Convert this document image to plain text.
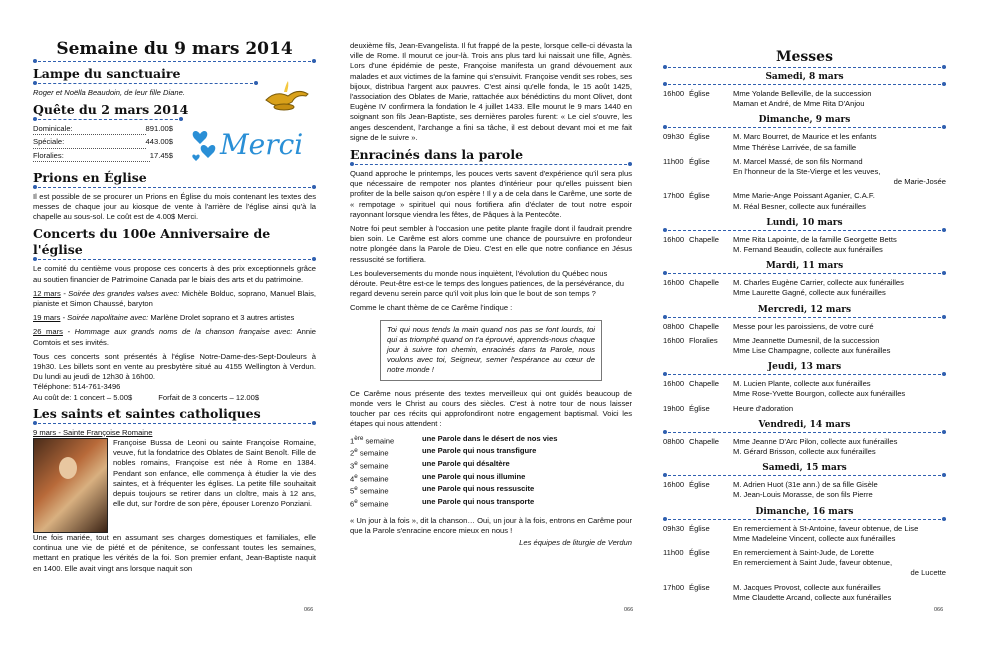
Semaine du 9 mars 2014
Lampe du sanctuaire

Roger et Noëlla Beaudoin, de leur fille Diane.

Quête du 2 mars 2014
Dominicale:	891.00$
Spéciale:	443.00$
Floralies:	17.45$
Prions en Église

Il est possible de se procurer un Prions en Église du mois contenant les textes des messes de chaque jour au kiosque de vente à l'arrière de l'église ainsi qu'à la chapelle au sous-sol. Le coût est de 4.00$ Merci.

Concerts du 100e Anniversaire de l'église

Le comité du centième vous propose ces concerts à des prix exceptionnels grâce au soutien financier de Patrimoine Canada par le biais des arts et du patrimoine.

12 mars - Soirée des grandes valses avec: Michèle Bolduc, soprano, Manuel Blais, pianiste et Simon Chaussé, baryton

19 mars - Soirée napolitaine avec: Marlène Drolet soprano et 3 autres artistes

26 mars - Hommage aux grands noms de la chanson française avec: Annie Comtois et ses invités.

Tous ces concerts sont présentés à l'église Notre-Dame-des-Sept-Douleurs à 19h30. Les billets sont en vente au presbytère situé au 4155 Wellington à Verdun. Du lundi au jeudi de 12h30 à 16h00.

Téléphone: 514-761-3496
Au coût de: 1 concert – 5.00$	Forfait de 3 concerts – 12.00$
Les saints et saintes catholiques
9 mars - Sainte Françoise Romaine

Françoise Bussa de Leoni ou sainte Françoise Romaine, veuve, fut la fondatrice des Oblates de Saint Benoît. Fille de nobles romains, Françoise est née à Rome en 1384. Pendant son enfance, elle commença à étudier la vie des saintes, et à fréquenter les églises. La petite fille souhaitait depuis toujours se retirer dans un cloître, mais à 12 ans, elle dut, sur l'ordre de son père, épouser Lorenzo Ponziani.

Une fois mariée, tout en assumant ses charges domestiques et familiales, elle continua une vie de piété et de pénitence, se confessant toutes les semaines, mettant en pratique les vérités de la foi. Son premier enfant, Jean-Baptiste naquit en 1400. Elle avait vingt ans lorsque naquit son

066
Merci

deuxième fils, Jean-Evangelista. Il fut frappé de la peste, lorsque celle-ci dévasta la ville de Rome. Il mourut ce jour-là. Trois ans plus tard lui naissait une fille, Agnès. Lors d'une épidémie de peste, Françoise manifesta un grand dévouement aux malades et aux victimes de la famine qui s'ensuivit. Françoise vendit ses robes, ses bijoux, distribua l'argent aux pauvres. C'est ainsi qu'elle fonda, le 15 août 1425, l'association des Oblates de Marie, rattachée aux bénédictins du mont Olivet, dont Eugène IV confirmera la fondation le 4 juillet 1433. Elle mourut le 9 mars 1440 en soignant son fils Jean-Baptiste, ses dernières paroles furent: « Le ciel s'ouvre, les anges descendent, l'archange a fini sa tâche, il est debout devant moi et me fait signe de le suivre ».

Enracinés dans la parole

Quand approche le printemps, les pouces verts savent d'expérience qu'il sera plus que nécessaire de rempoter nos plantes d'intérieur pour qu'elles puissent bien profiter de la belle saison qu'on espère ! Il y a de cela dans le Carême, une sorte de « rempotage » spirituel qui nous fortifiera afin d'éclater de tout notre espoir rayonnant lorsque viendra les fêtes, de Pâques à la Pentecôte.

Notre foi peut sembler à l'occasion une petite plante fragile dont il faudrait prendre bien soin. Le Carême est alors comme une chance de poursuivre en profondeur notre plongée dans la Parole de Dieu. C'est en elle que notre confiance en Jésus ressuscité se fortifiera.

Les bouleversements du monde nous inquiètent, l'évolution du Québec nous déroute. Peut-être est-ce le temps des longues patiences, de la persévérance, du regard devenu serein parce qu'il voit plus loin que le bout de son temps ?

Comme le chant thème de ce Carême l'indique :

Toi qui nous tends la main quand nos pas se font lourds, toi qui as triomphé quand on t'a éprouvé, apprends-nous chaque jour à suivre ton chemin, enracinés dans ta Parole, nous voulons avec toi, Seigneur, semer l'espérance au cœur de notre monde !

Ce Carême nous présente des textes merveilleux qui ont guidés beaucoup de monde vers le Christ au cours des siècles. C'est à notre tour de nous laisser toucher par ces récits qui approfondiront notre engagement baptismal. Voici les étapes qui nous attendent :

1ère semaine	une Parole dans le désert de nos vies
2e semaine	une Parole qui nous transfigure
3e semaine	une Parole qui désaltère
4e semaine	une Parole qui nous illumine
5e semaine	une Parole qui nous ressuscite
6e semaine	une Parole qui nous transporte

« Un jour à la fois », dit la chanson… Oui, un jour à la fois, entrons en Carême pour que la Parole s'enracine encore mieux en nous !

Les équipes de liturgie de Verdun
066
Messes
Samedi, 8 mars
16h00 Église	Mme Yolande Belleville, de la succession
Maman et André, de Mme Rita D'Anjou
Dimanche, 9 mars
09h30 Église	M. Marc Bourret, de Maurice et les enfants
Mme Thérèse Larrivée, de sa famille
11h00 Église	M. Marcel Massé, de son fils Normand
En l'honneur de la Ste-Vierge et les veuves,
de Marie-Josée
17h00 Église	Mme Marie-Ange Poissant Aganier, C.A.F.
M. Réal Besner, collecte aux funérailles
Lundi, 10 mars
16h00 Chapelle	Mme Rita Lapointe, de la famille Georgette Betts
M. Fernand Beaudin, collecte aux funérailles
Mardi, 11 mars
16h00 Chapelle	M. Charles Eugène Carrier, collecte aux funérailles
Mme Laurette Gagné, collecte aux funérailles
Mercredi, 12 mars
08h00 Chapelle	Messe pour les paroissiens, de votre curé
16h00 Floralies	Mme Jeannette Dumesnil, de la succession
Mme Lise Champagne, collecte aux funérailles
Jeudi, 13 mars
16h00 Chapelle	M. Lucien Plante, collecte aux funérailles
Mme Rose-Yvette Bourgon, collecte aux funérailles
19h00 Église	Heure d'adoration
Vendredi, 14 mars
08h00 Chapelle	Mme Jeanne D'Arc Pilon, collecte aux funérailles
M. Gérard Brisson, collecte aux funérailles
Samedi, 15 mars
16h00 Église	M. Adrien Huot (31e ann.) de sa fille Gisèle
M. Jean-Louis Morasse, de son fils Pierre
Dimanche, 16 mars
09h30 Église	En remerciement à St-Antoine, faveur obtenue, de Lise
Mme Madeleine Vincent, collecte aux funérailles
11h00 Église	En remerciement à Saint-Jude, de Lorette
En remerciement à Saint Jude, faveur obtenue,
de Lucette
17h00 Église	M. Jacques Provost, collecte aux funérailles
Mme Claudette Arcand, collecte aux funérailles
066
